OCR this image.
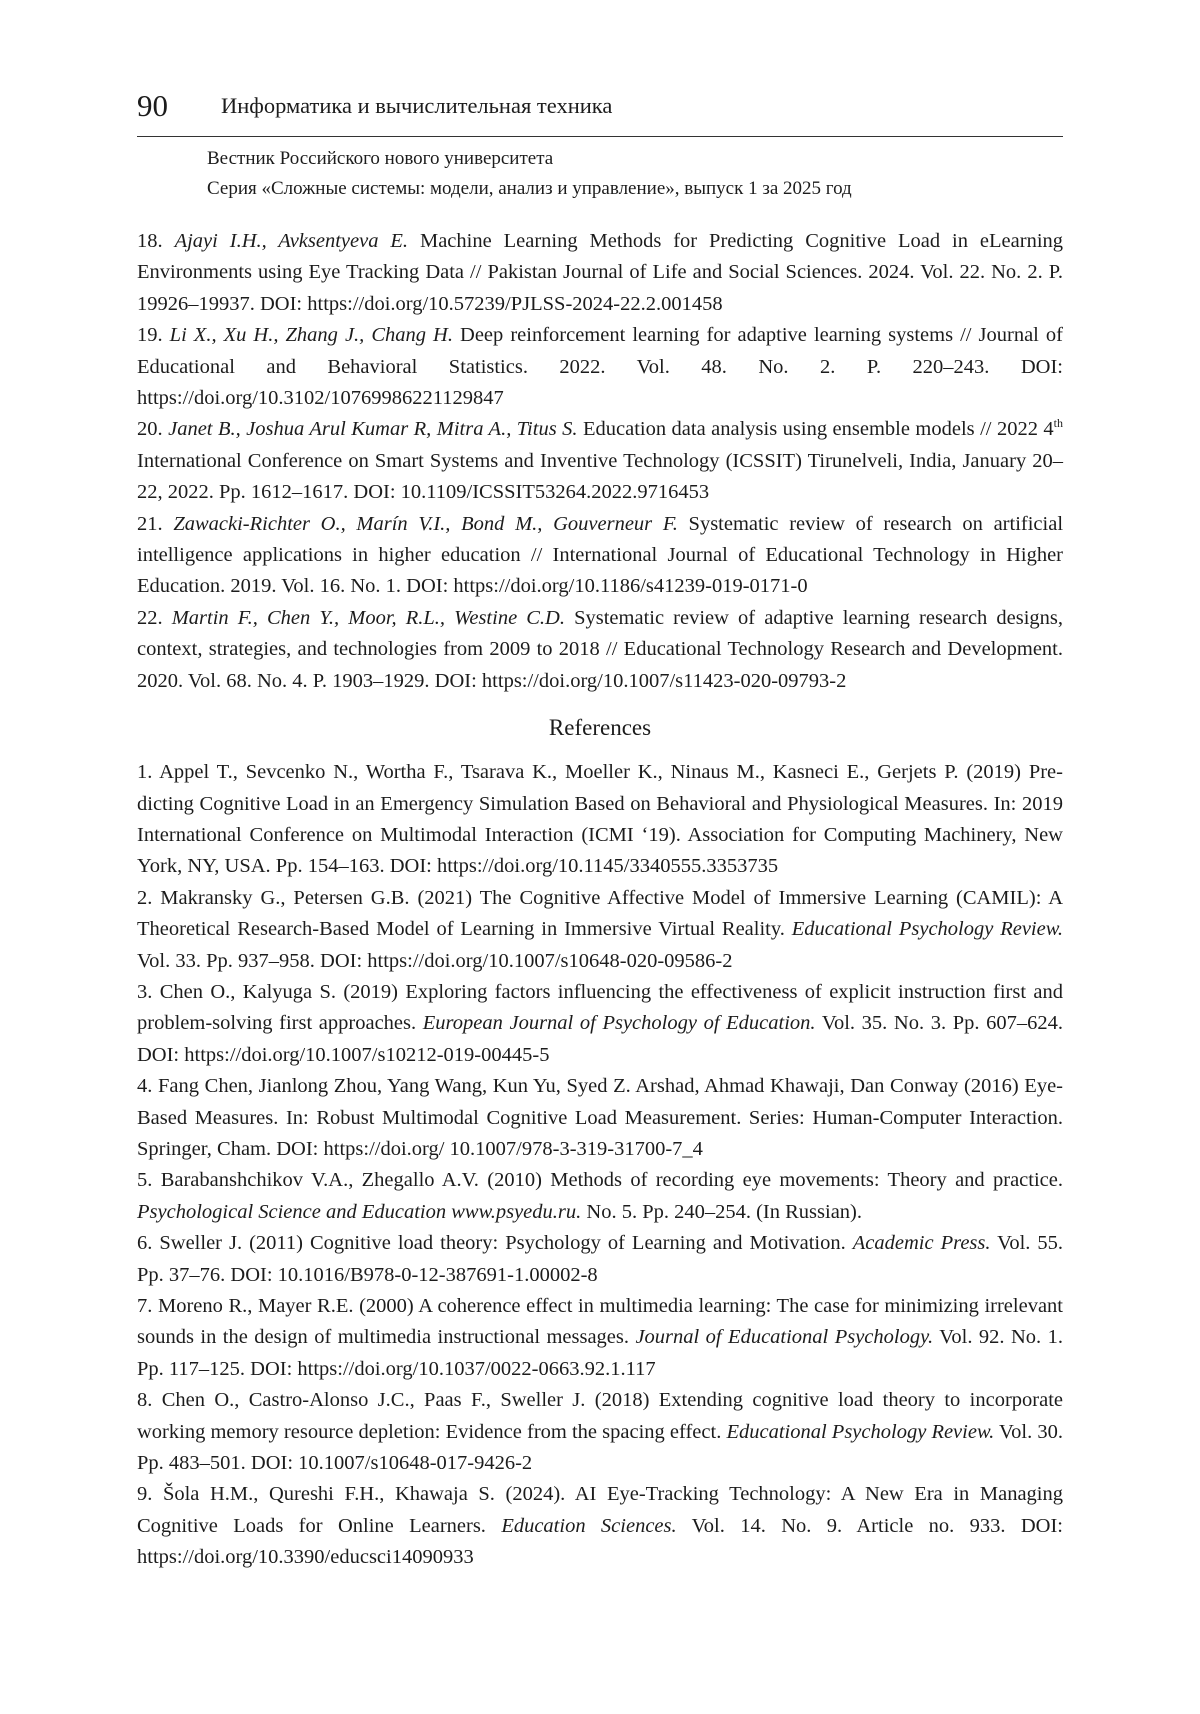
90 Информатика и вычислительная техника
Вестник Российского нового университета
Серия «Сложные системы: модели, анализ и управление», выпуск 1 за 2025 год

18. Ajayi I.H., Avksentyeva E. Machine Learning Methods for Predicting Cognitive Load in eLearning Environments using Eye Tracking Data // Pakistan Journal of Life and Social Sciences. 2024. Vol. 22. No. 2. P. 19926–19937. DOI: https://doi.org/10.57239/PJLSS-2024-22.2.001458

19. Li X., Xu H., Zhang J., Chang H. Deep reinforcement learning for adaptive learning systems // Journal of Educational and Behavioral Statistics. 2022. Vol. 48. No. 2. P. 220–243. DOI: https://doi.org/10.3102/10769986221129847

20. Janet B., Joshua Arul Kumar R, Mitra A., Titus S. Education data analysis using ensemble models // 2022 4th International Conference on Smart Systems and Inventive Technology (ICSSIT) Tirunelveli, India, January 20–22, 2022. Pp. 1612–1617. DOI: 10.1109/ICSSIT53264.2022.9716453

21. Zawacki-Richter O., Marín V.I., Bond M., Gouverneur F. Systematic review of research on artificial intelligence applications in higher education // International Journal of Educational Technology in Higher Education. 2019. Vol. 16. No. 1. DOI: https://doi.org/10.1186/s41239-019-0171-0

22. Martin F., Chen Y., Moor, R.L., Westine C.D. Systematic review of adaptive learning research designs, context, strategies, and technologies from 2009 to 2018 // Educational Technology Research and Development. 2020. Vol. 68. No. 4. P. 1903–1929. DOI: https://doi.org/10.1007/s11423-020-09793-2

References

1. Appel T., Sevcenko N., Wortha F., Tsarava K., Moeller K., Ninaus M., Kasneci E., Gerjets P. (2019) Predicting Cognitive Load in an Emergency Simulation Based on Behavioral and Physiological Measures. In: 2019 International Conference on Multimodal Interaction (ICMI ‘19). Association for Computing Machinery, New York, NY, USA. Pp. 154–163. DOI: https://doi.org/10.1145/3340555.3353735

2. Makransky G., Petersen G.B. (2021) The Cognitive Affective Model of Immersive Learning (CAMIL): A Theoretical Research-Based Model of Learning in Immersive Virtual Reality. Educational Psychology Review. Vol. 33. Pp. 937–958. DOI: https://doi.org/10.1007/s10648-020-09586-2

3. Chen O., Kalyuga S. (2019) Exploring factors influencing the effectiveness of explicit instruction first and problem-solving first approaches. European Journal of Psychology of Education. Vol. 35. No. 3. Pp. 607–624. DOI: https://doi.org/10.1007/s10212-019-00445-5

4. Fang Chen, Jianlong Zhou, Yang Wang, Kun Yu, Syed Z. Arshad, Ahmad Khawaji, Dan Conway (2016) Eye-Based Measures. In: Robust Multimodal Cognitive Load Measurement. Series: Human-Computer Interaction. Springer, Cham. DOI: https://doi.org/ 10.1007/978-3-319-31700-7_4

5. Barabanshchikov V.A., Zhegallo A.V. (2010) Methods of recording eye movements: Theory and practice. Psychological Science and Education www.psyedu.ru. No. 5. Pp. 240–254. (In Russian).

6. Sweller J. (2011) Cognitive load theory: Psychology of Learning and Motivation. Academic Press. Vol. 55. Pp. 37–76. DOI: 10.1016/B978-0-12-387691-1.00002-8

7. Moreno R., Mayer R.E. (2000) A coherence effect in multimedia learning: The case for minimizing irrelevant sounds in the design of multimedia instructional messages. Journal of Educational Psychology. Vol. 92. No. 1. Pp. 117–125. DOI: https://doi.org/10.1037/0022-0663.92.1.117

8. Chen O., Castro-Alonso J.C., Paas F., Sweller J. (2018) Extending cognitive load theory to incorporate working memory resource depletion: Evidence from the spacing effect. Educational Psychology Review. Vol. 30. Pp. 483–501. DOI: 10.1007/s10648-017-9426-2

9. Šola H.M., Qureshi F.H., Khawaja S. (2024). AI Eye-Tracking Technology: A New Era in Managing Cognitive Loads for Online Learners. Education Sciences. Vol. 14. No. 9. Article no. 933. DOI: https://doi.org/10.3390/educsci14090933
